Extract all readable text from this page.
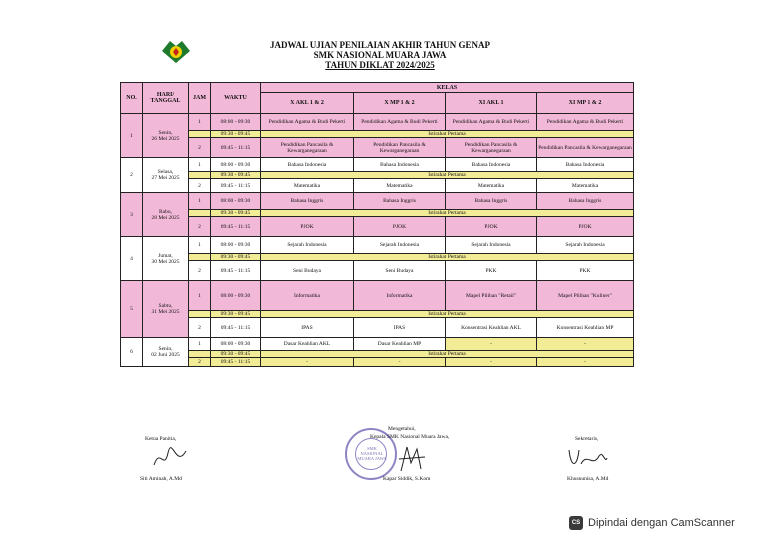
JADWAL UJIAN PENILAIAN AKHIR TAHUN GENAP
SMK NASIONAL MUARA JAWA
TAHUN DIKLAT 2024/2025
NO.	HARI/ TANGGAL	JAM	WAKTU	KELAS			
				X AKL 1 & 2	X MP 1 & 2	XI AKL 1	XI MP 1 & 2
1	Senin,
26 Mei 2025	1	08:00 - 09:30	Pendidikan Agama & Budi Pekerti	Pendidikan Agama & Budi Pekerti	Pendidikan Agama & Budi Pekerti	Pendidikan Agama & Budi Pekerti
			09:30 - 09:45	Istirahat Pertama			
		2	09:45 - 11:15	Pendidikan Pancasila & Kewarganegaraan	Pendidikan Pancasila & Kewarganegaraan	Pendidikan Pancasila & Kewarganegaraan	Pendidikan Pancasila & Kewarganegaraan
2	Selasa,
27 Mei 2025	1	08:00 - 09:30	Bahasa Indonesia	Bahasa Indonesia	Bahasa Indonesia	Bahasa Indonesia
			09:30 - 09:45	Istirahat Pertama			
		2	09:45 - 11:15	Matematika	Matematika	Matematika	Matematika
3	Rabu,
28 Mei 2025	1	08:00 - 09:30	Bahasa Inggris	Bahasa Inggris	Bahasa Inggris	Bahasa Inggris
			09:30 - 09:45	Istirahat Pertama			
		2	09:45 - 11:15	PJOK	PJOK	PJOK	PJOK
4	Jumat,
30 Mei 2025	1	08:00 - 09:30	Sejarah Indonesia	Sejarah Indonesia	Sejarah Indonesia	Sejarah Indonesia
			09:30 - 09:45	Istirahat Pertama			
		2	09:45 - 11:15	Seni Budaya	Seni Budaya	PKK	PKK
5	Sabtu,
31 Mei 2025	1	08:00 - 09:30	Informatika	Informatika	Mapel Pilihan "Retail"	Mapel Pilihan "Kuliner"
			09:30 - 09:45	Istirahat Pertama			
		2	09:45 - 11:15	IPAS	IPAS	Konsentrasi Keahlian AKL	Konsentrasi Keahlian MP
6	Senin,
02 Juni 2025	1	08:00 - 09:30	Dasar Keahlian AKL	Dasar Keahlian MP	-	-
			09:30 - 09:45	Istirahat Pertama			
		2	09:45 - 11:15	-	-	-	-
Ketua Panitia,
Siti Aminah, A.Md
SMK NASIONAL MUARA JAWA
Mengetahui,
Kepala SMK Nasional Muara Jawa,
Kapar Siddik, S.Kom
Sekretaris,
Khusnunisa, A.Md
CS Dipindai dengan CamScanner
